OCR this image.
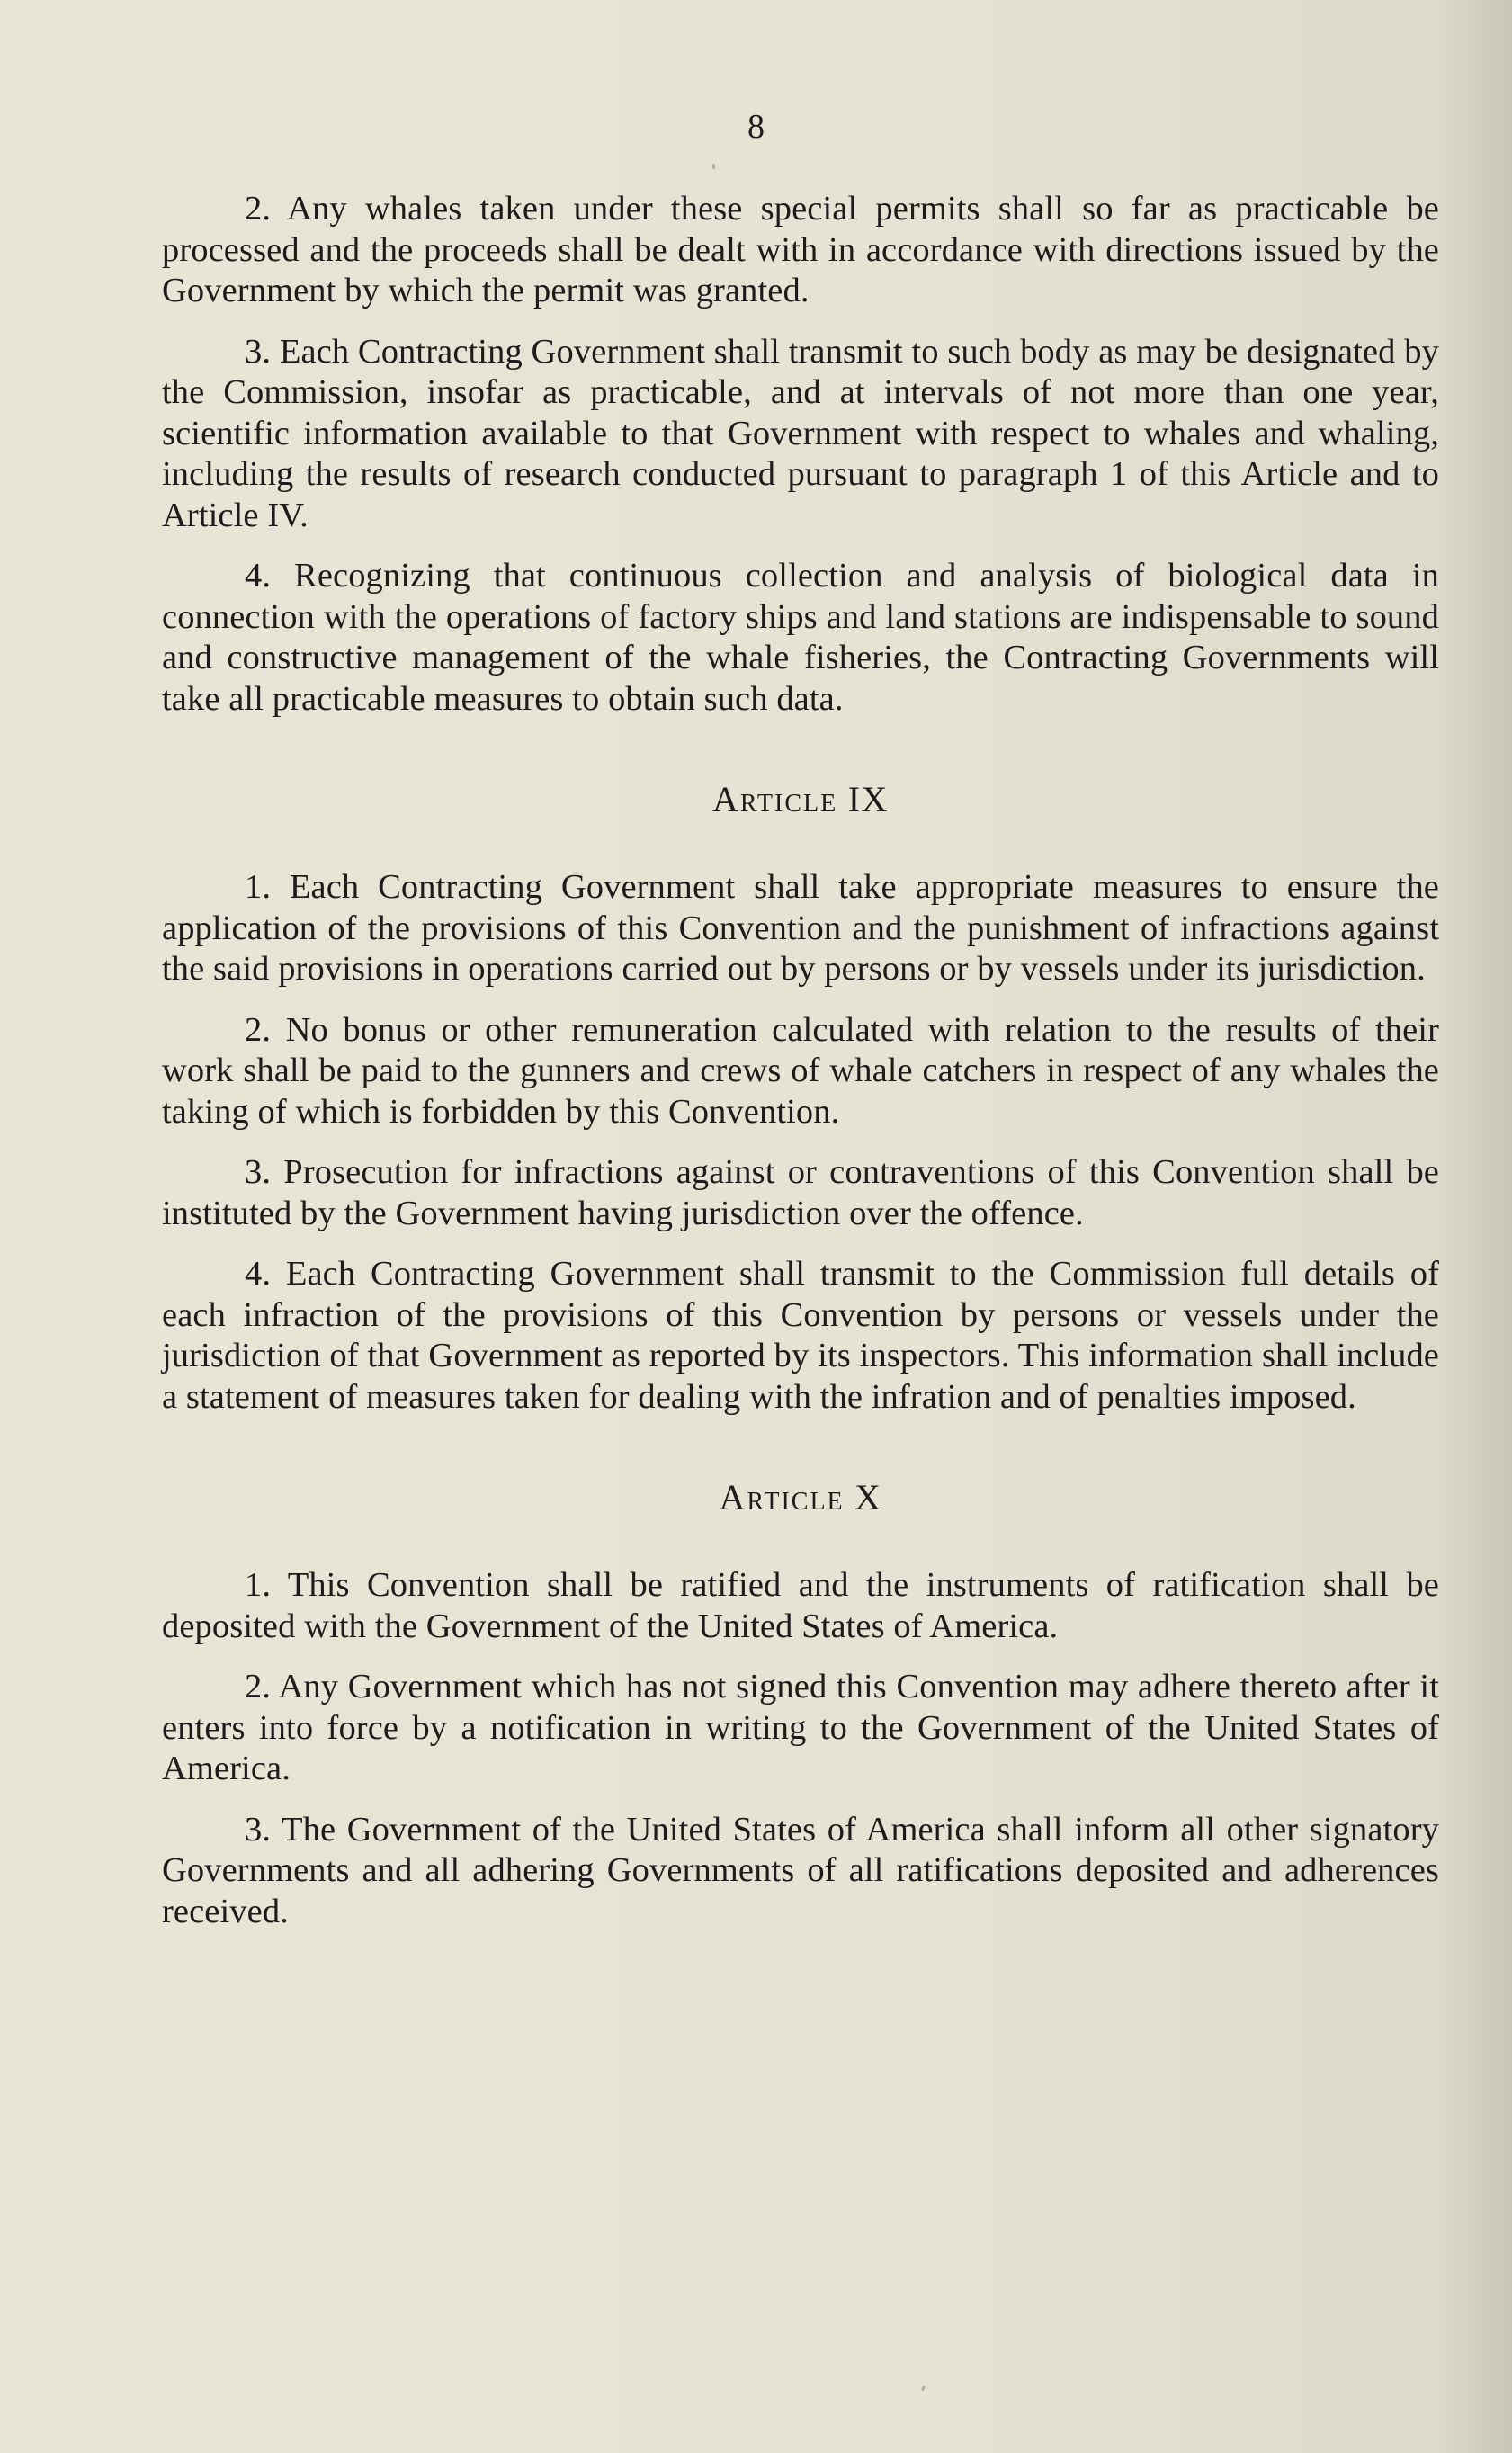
8

2. Any whales taken under these special permits shall so far as practicable be processed and the proceeds shall be dealt with in accordance with directions issued by the Government by which the permit was granted.

3. Each Contracting Government shall transmit to such body as may be designated by the Commission, insofar as practicable, and at intervals of not more than one year, scientific information available to that Government with respect to whales and whaling, including the results of research conducted pursuant to paragraph 1 of this Article and to Article IV.

4. Recognizing that continuous collection and analysis of biological data in connection with the operations of factory ships and land stations are indispensable to sound and constructive management of the whale fisheries, the Contracting Governments will take all practicable measures to obtain such data.

Article IX

1. Each Contracting Government shall take appropriate measures to ensure the application of the provisions of this Convention and the punishment of infractions against the said provisions in operations carried out by persons or by vessels under its jurisdiction.

2. No bonus or other remuneration calculated with relation to the results of their work shall be paid to the gunners and crews of whale catchers in respect of any whales the taking of which is forbidden by this Convention.

3. Prosecution for infractions against or contraventions of this Convention shall be instituted by the Government having jurisdiction over the offence.

4. Each Contracting Government shall transmit to the Commission full details of each infraction of the provisions of this Convention by persons or vessels under the jurisdiction of that Government as reported by its inspectors. This information shall include a statement of measures taken for dealing with the infration and of penalties imposed.

Article X

1. This Convention shall be ratified and the instruments of ratification shall be deposited with the Government of the United States of America.

2. Any Government which has not signed this Convention may adhere thereto after it enters into force by a notification in writing to the Government of the United States of America.

3. The Government of the United States of America shall inform all other signatory Governments and all adhering Governments of all ratifications deposited and adherences received.
